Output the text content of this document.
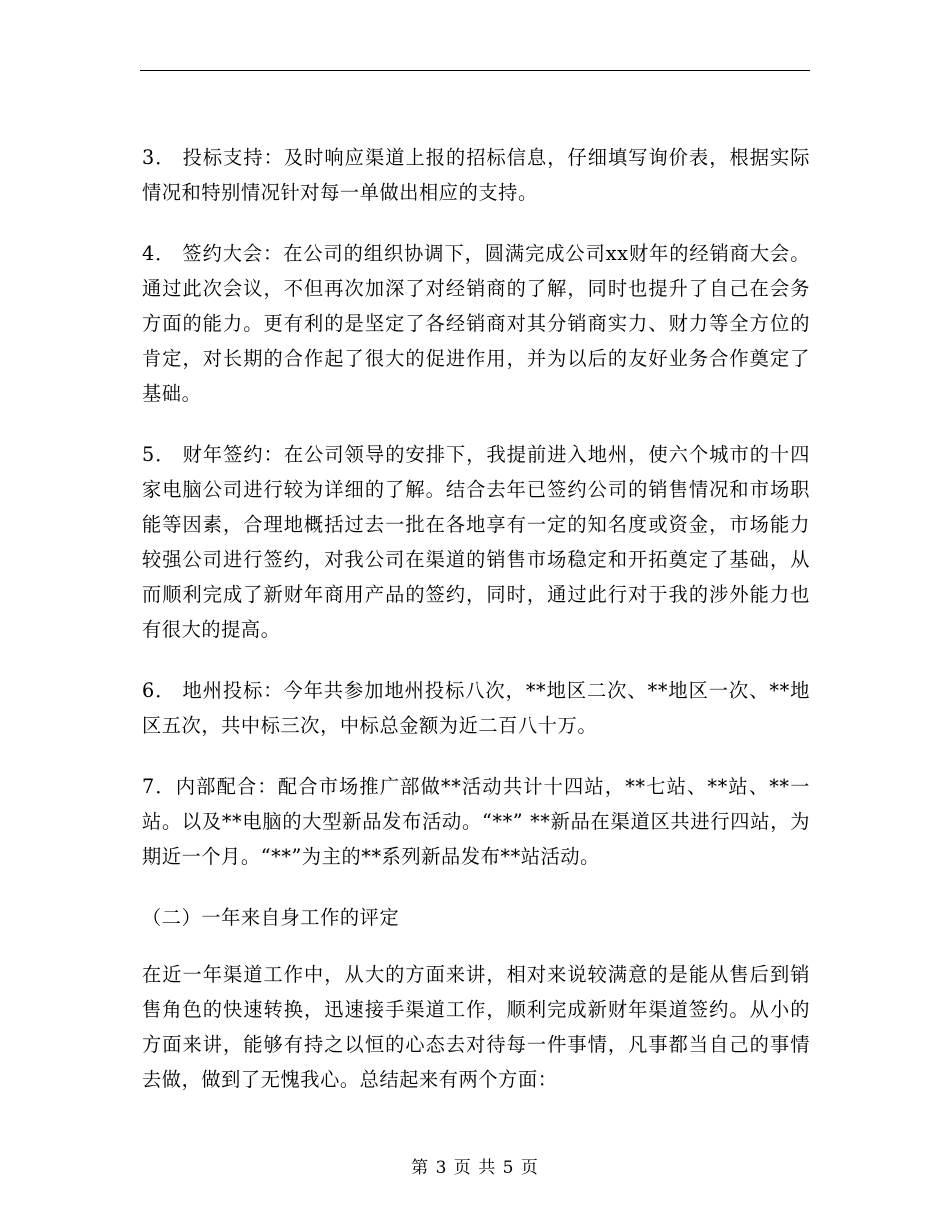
3． 投标支持：及时响应渠道上报的招标信息，仔细填写询价表，根据实际情况和特别情况针对每一单做出相应的支持。

4． 签约大会：在公司的组织协调下，圆满完成公司xx财年的经销商大会。通过此次会议，不但再次加深了对经销商的了解，同时也提升了自己在会务方面的能力。更有利的是坚定了各经销商对其分销商实力、财力等全方位的肯定，对长期的合作起了很大的促进作用，并为以后的友好业务合作奠定了基础。

5． 财年签约：在公司领导的安排下，我提前进入地州，使六个城市的十四家电脑公司进行较为详细的了解。结合去年已签约公司的销售情况和市场职能等因素，合理地概括过去一批在各地享有一定的知名度或资金，市场能力较强公司进行签约，对我公司在渠道的销售市场稳定和开拓奠定了基础，从而顺利完成了新财年商用产品的签约，同时，通过此行对于我的涉外能力也有很大的提高。

6． 地州投标：今年共参加地州投标八次，**地区二次、**地区一次、**地区五次，共中标三次，中标总金额为近二百八十万。

7．内部配合：配合市场推广部做**活动共计十四站，**七站、**站、**一站。以及**电脑的大型新品发布活动。“**” **新品在渠道区共进行四站，为期近一个月。“**”为主的**系列新品发布**站活动。

（二）一年来自身工作的评定

在近一年渠道工作中，从大的方面来讲，相对来说较满意的是能从售后到销售角色的快速转换，迅速接手渠道工作，顺利完成新财年渠道签约。从小的方面来讲，能够有持之以恒的心态去对待每一件事情，凡事都当自己的事情去做，做到了无愧我心。总结起来有两个方面：

第 3 页 共 5 页
